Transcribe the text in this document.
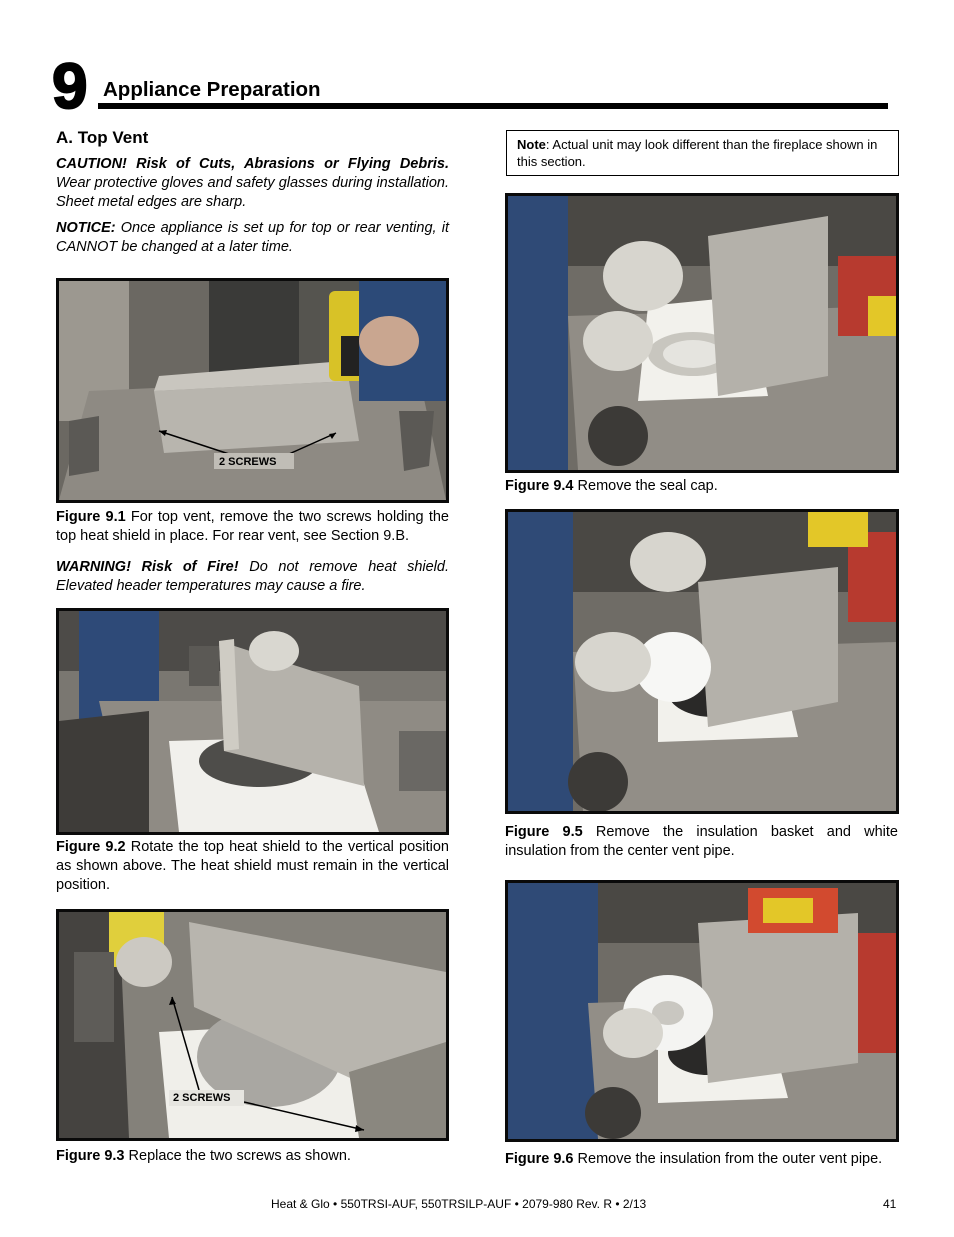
9 Appliance Preparation
A. Top Vent
CAUTION! Risk of Cuts, Abrasions or Flying Debris. Wear protective gloves and safety glasses during installation. Sheet metal edges are sharp.
NOTICE: Once appliance is set up for top or rear venting, it CANNOT be changed at a later time.
2 SCREWS
Figure 9.1 For top vent, remove the two screws holding the top heat shield in place. For rear vent, see Section 9.B.
WARNING! Risk of Fire! Do not remove heat shield. Elevated header temperatures may cause a fire.
Figure 9.2 Rotate the top heat shield to the vertical position as shown above. The heat shield must remain in the vertical position.
2 SCREWS
Figure 9.3 Replace the two screws as shown.
Note: Actual unit may look different than the fireplace shown in this section.
Figure 9.4 Remove the seal cap.
Figure 9.5 Remove the insulation basket and white insulation from the center vent pipe.
Figure 9.6 Remove the insulation from the outer vent pipe.
Heat & Glo • 550TRSI-AUF, 550TRSILP-AUF • 2079-980 Rev. R • 2/13	41
